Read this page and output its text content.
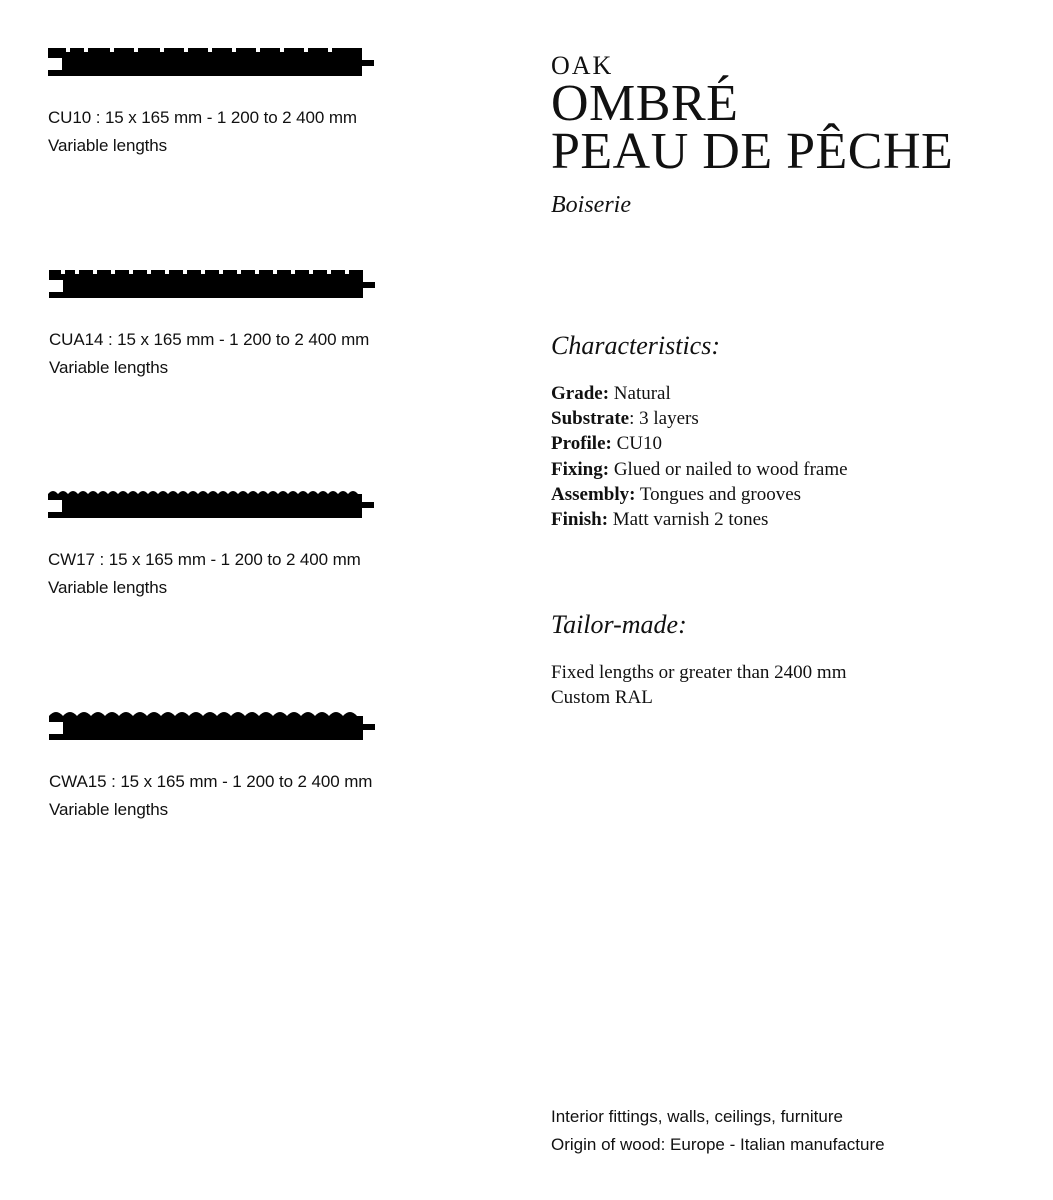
CU10 : 15 x 165 mm - 1 200 to 2 400 mm
Variable lengths
CUA14 : 15 x 165 mm - 1 200 to 2 400 mm
Variable lengths
CW17 : 15 x 165 mm - 1 200 to 2 400 mm
Variable lengths
CWA15 : 15 x 165 mm - 1 200 to 2 400 mm
Variable lengths
OAK
OMBRÉ
PEAU DE PÊCHE
Boiserie
Characteristics:
Grade: Natural
Substrate: 3 layers
Profile: CU10
Fixing: Glued or nailed to wood frame
Assembly: Tongues and grooves
Finish: Matt varnish 2 tones
Tailor-made:
Fixed lengths or greater than 2400 mm
Custom RAL
Interior fittings, walls, ceilings, furniture
Origin of wood: Europe - Italian manufacture
